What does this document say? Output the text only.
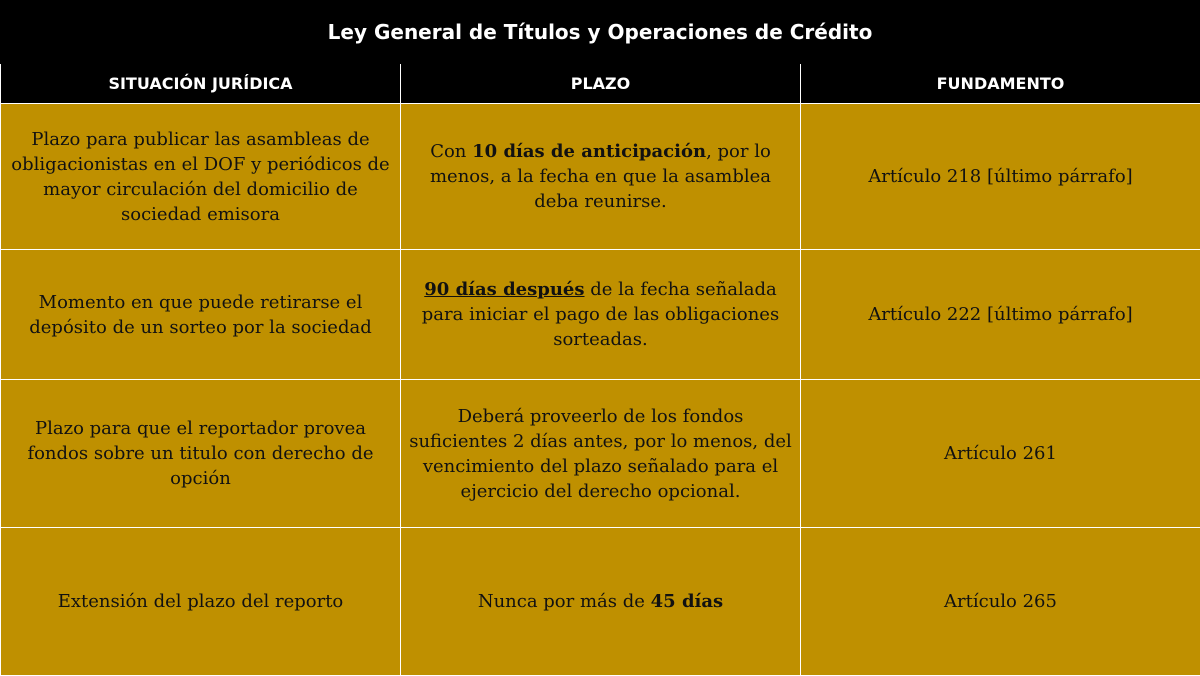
Ley General de Títulos y Operaciones de Crédito
SITUACIÓN JURÍDICA	PLAZO	FUNDAMENTO
Plazo para publicar las asambleas de obligacionistas en el DOF y periódicos de mayor circulación del domicilio de sociedad emisora	Con 10 días de anticipación, por lo menos, a la fecha en que la asamblea deba reunirse.	Artículo 218 [último párrafo]
Momento en que puede retirarse el depósito de un sorteo por la sociedad	90 días después de la fecha señalada para iniciar el pago de las obligaciones sorteadas.	Artículo 222 [último párrafo]
Plazo para que el reportador provea fondos sobre un titulo con derecho de opción	Deberá proveerlo de los fondos suficientes 2 días antes, por lo menos, del vencimiento del plazo señalado para el ejercicio del derecho opcional.	Artículo 261
Extensión del plazo del reporto	Nunca por más de 45 días	Artículo 265
